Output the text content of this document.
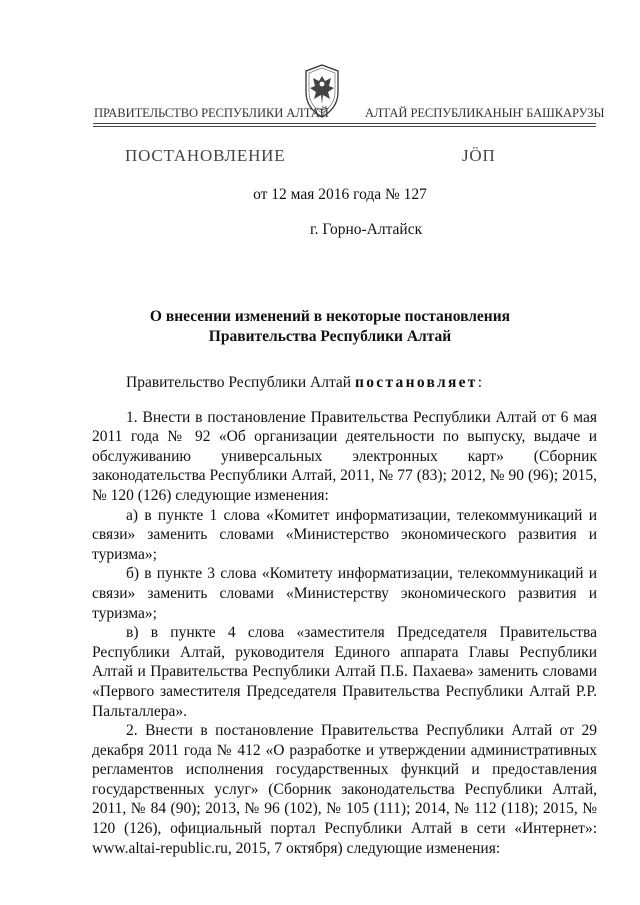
ПРАВИТЕЛЬСТВО РЕСПУБЛИКИ АЛТАЙ	АЛТАЙ РЕСПУБЛИКАНЫҤ БАШКАРУЗЫ
ПОСТАНОВЛЕНИЕ	ЈÖП
от 12 мая 2016 года № 127
г. Горно-Алтайск
О внесении изменений в некоторые постановления Правительства Республики Алтай

Правительство Республики Алтай постановляет:

1. Внести в постановление Правительства Республики Алтай от 6 мая 2011 года № 92 «Об организации деятельности по выпуску, выдаче и обслуживанию универсальных электронных карт» (Сборник законодательства Республики Алтай, 2011, № 77 (83); 2012, № 90 (96); 2015, № 120 (126) следующие изменения:

а) в пункте 1 слова «Комитет информатизации, телекоммуникаций и связи» заменить словами «Министерство экономического развития и туризма»;

б) в пункте 3 слова «Комитету информатизации, телекоммуникаций и связи» заменить словами «Министерству экономического развития и туризма»;

в) в пункте 4 слова «заместителя Председателя Правительства Республики Алтай, руководителя Единого аппарата Главы Республики Алтай и Правительства Республики Алтай П.Б. Пахаева» заменить словами «Первого заместителя Председателя Правительства Республики Алтай Р.Р. Пальталлера».

2. Внести в постановление Правительства Республики Алтай от 29 декабря 2011 года № 412 «О разработке и утверждении административных регламентов исполнения государственных функций и предоставления государственных услуг» (Сборник законодательства Республики Алтай, 2011, № 84 (90); 2013, № 96 (102), № 105 (111); 2014, № 112 (118); 2015, № 120 (126), официальный портал Республики Алтай в сети «Интернет»: www.altai-republic.ru, 2015, 7 октября) следующие изменения:
